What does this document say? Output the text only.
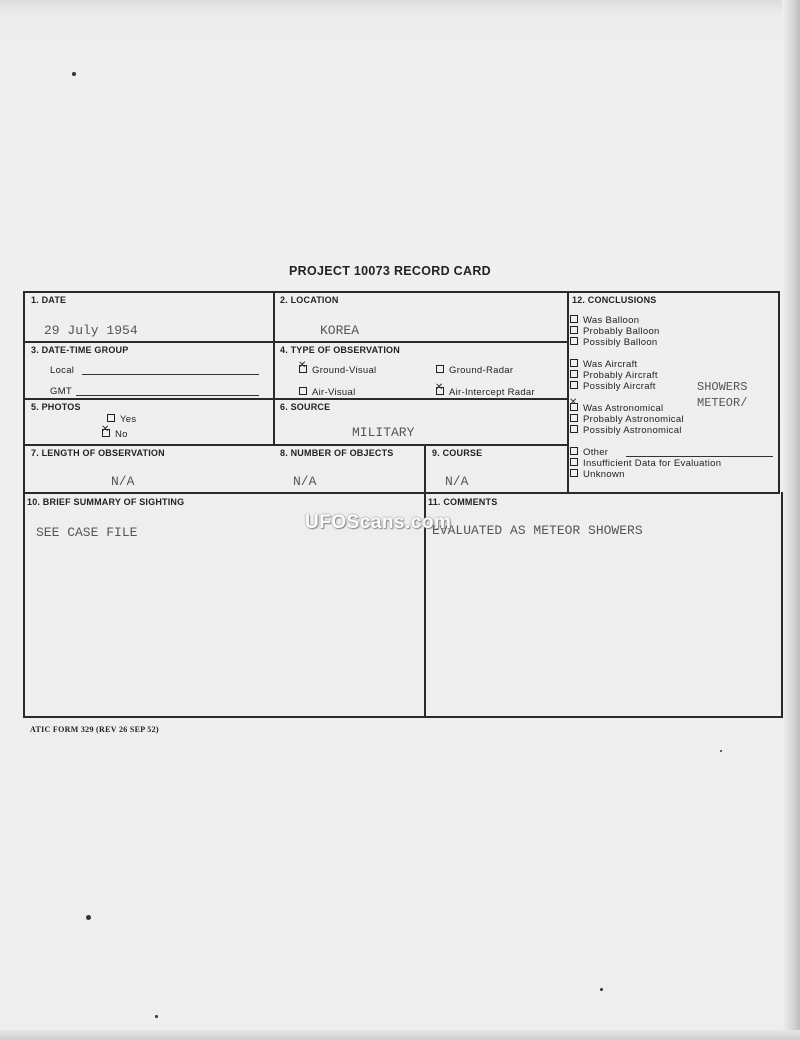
PROJECT 10073 RECORD CARD
1. DATE
29 July 1954
2. LOCATION
KOREA
3. DATE-TIME GROUP
Local
GMT
4. TYPE OF OBSERVATION
✕Ground-Visual	Ground-Radar
Air-Visual
✕	Air-Intercept Radar
5. PHOTOS
Yes
✕No
6. SOURCE
MILITARY
7. LENGTH OF OBSERVATION
N/A
8. NUMBER OF OBJECTS
N/A
9. COURSE
N/A
10. BRIEF SUMMARY OF SIGHTING
SEE CASE FILE
11. COMMENTS
EVALUATED AS METEOR SHOWERS
12. CONCLUSIONS
Was Balloon
Probably Balloon
Possibly Balloon
Was Aircraft
Probably Aircraft
Possibly Aircraft
✕Was Astronomical
Probably Astronomical
Possibly Astronomical
Other
Insufficient Data for Evaluation
Unknown
SHOWERS
METEOR/
ATIC FORM 329 (REV 26 SEP 52)
UFOScans.com
